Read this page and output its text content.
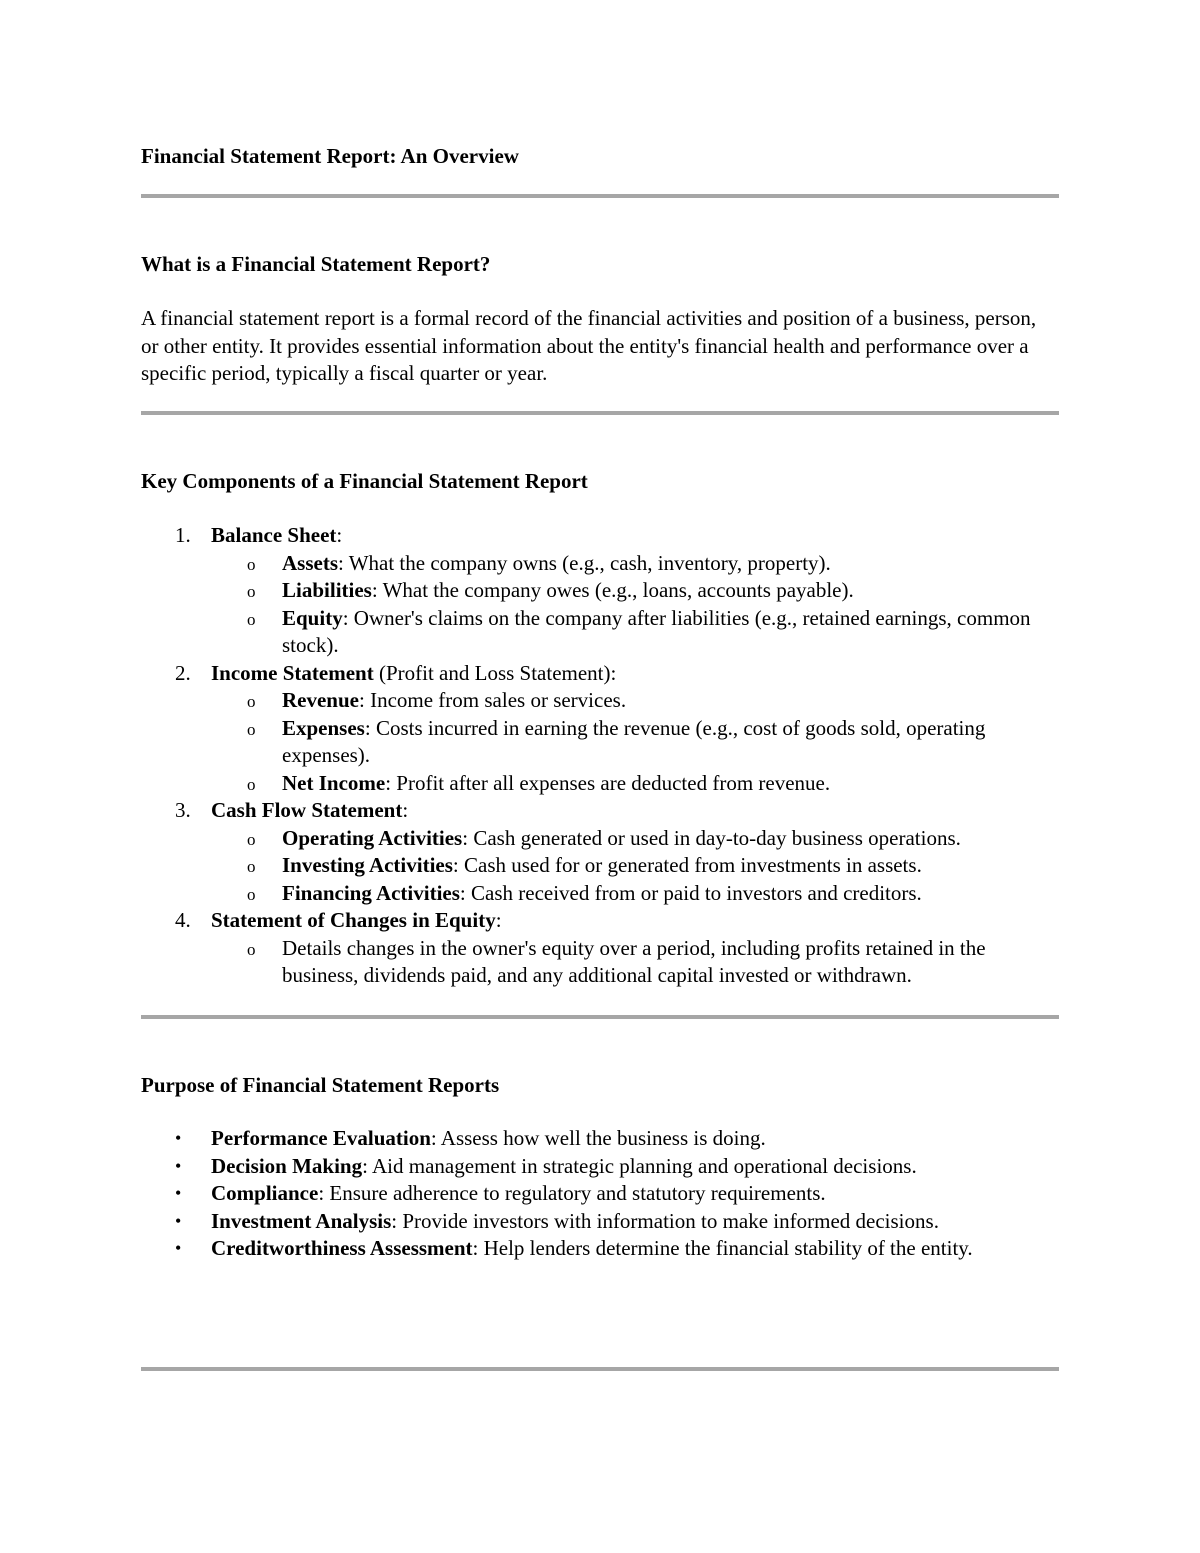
Financial Statement Report: An Overview
What is a Financial Statement Report?
A financial statement report is a formal record of the financial activities and position of a business, person, or other entity. It provides essential information about the entity's financial health and performance over a specific period, typically a fiscal quarter or year.
Key Components of a Financial Statement Report
1. Balance Sheet:
o Assets: What the company owns (e.g., cash, inventory, property).
o Liabilities: What the company owes (e.g., loans, accounts payable).
o Equity: Owner's claims on the company after liabilities (e.g., retained earnings, common stock).
2. Income Statement (Profit and Loss Statement):
o Revenue: Income from sales or services.
o Expenses: Costs incurred in earning the revenue (e.g., cost of goods sold, operating expenses).
o Net Income: Profit after all expenses are deducted from revenue.
3. Cash Flow Statement:
o Operating Activities: Cash generated or used in day-to-day business operations.
o Investing Activities: Cash used for or generated from investments in assets.
o Financing Activities: Cash received from or paid to investors and creditors.
4. Statement of Changes in Equity:
o Details changes in the owner's equity over a period, including profits retained in the business, dividends paid, and any additional capital invested or withdrawn.
Purpose of Financial Statement Reports
• Performance Evaluation: Assess how well the business is doing.
• Decision Making: Aid management in strategic planning and operational decisions.
• Compliance: Ensure adherence to regulatory and statutory requirements.
• Investment Analysis: Provide investors with information to make informed decisions.
• Creditworthiness Assessment: Help lenders determine the financial stability of the entity.
